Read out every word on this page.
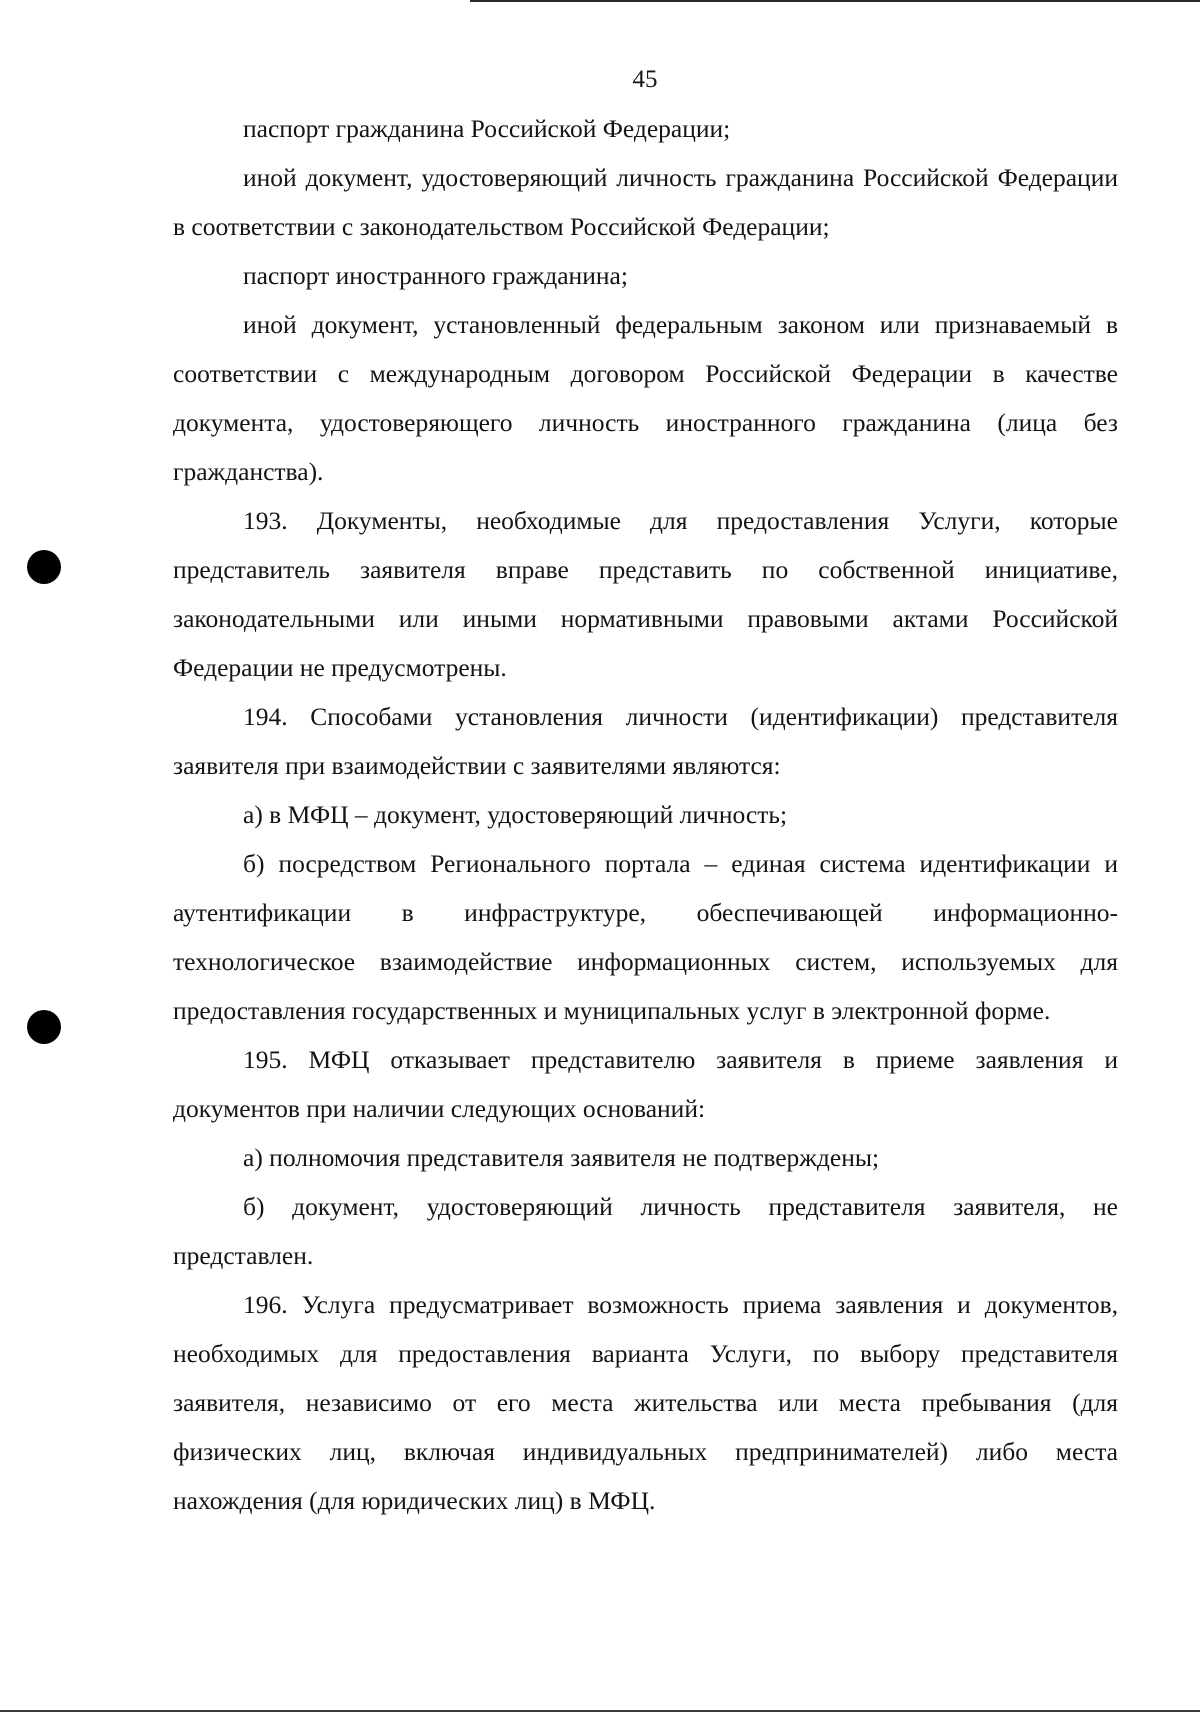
45

паспорт гражданина Российской Федерации;

иной документ, удостоверяющий личность гражданина Российской Федерации в соответствии с законодательством Российской Федерации;

паспорт иностранного гражданина;

иной документ, установленный федеральным законом или признаваемый в соответствии с международным договором Российской Федерации в качестве документа, удостоверяющего личность иностранного гражданина (лица без гражданства).

193. Документы, необходимые для предоставления Услуги, которые представитель заявителя вправе представить по собственной инициативе, законодательными или иными нормативными правовыми актами Российской Федерации не предусмотрены.

194. Способами установления личности (идентификации) представителя заявителя при взаимодействии с заявителями являются:

а) в МФЦ – документ, удостоверяющий личность;

б) посредством Регионального портала – единая система идентификации и аутентификации в инфраструктуре, обеспечивающей информационно-технологическое взаимодействие информационных систем, используемых для предоставления государственных и муниципальных услуг в электронной форме.

195. МФЦ отказывает представителю заявителя в приеме заявления и документов при наличии следующих оснований:

а) полномочия представителя заявителя не подтверждены;

б) документ, удостоверяющий личность представителя заявителя, не представлен.

196. Услуга предусматривает возможность приема заявления и документов, необходимых для предоставления варианта Услуги, по выбору представителя заявителя, независимо от его места жительства или места пребывания (для физических лиц, включая индивидуальных предпринимателей) либо места нахождения (для юридических лиц) в МФЦ.
